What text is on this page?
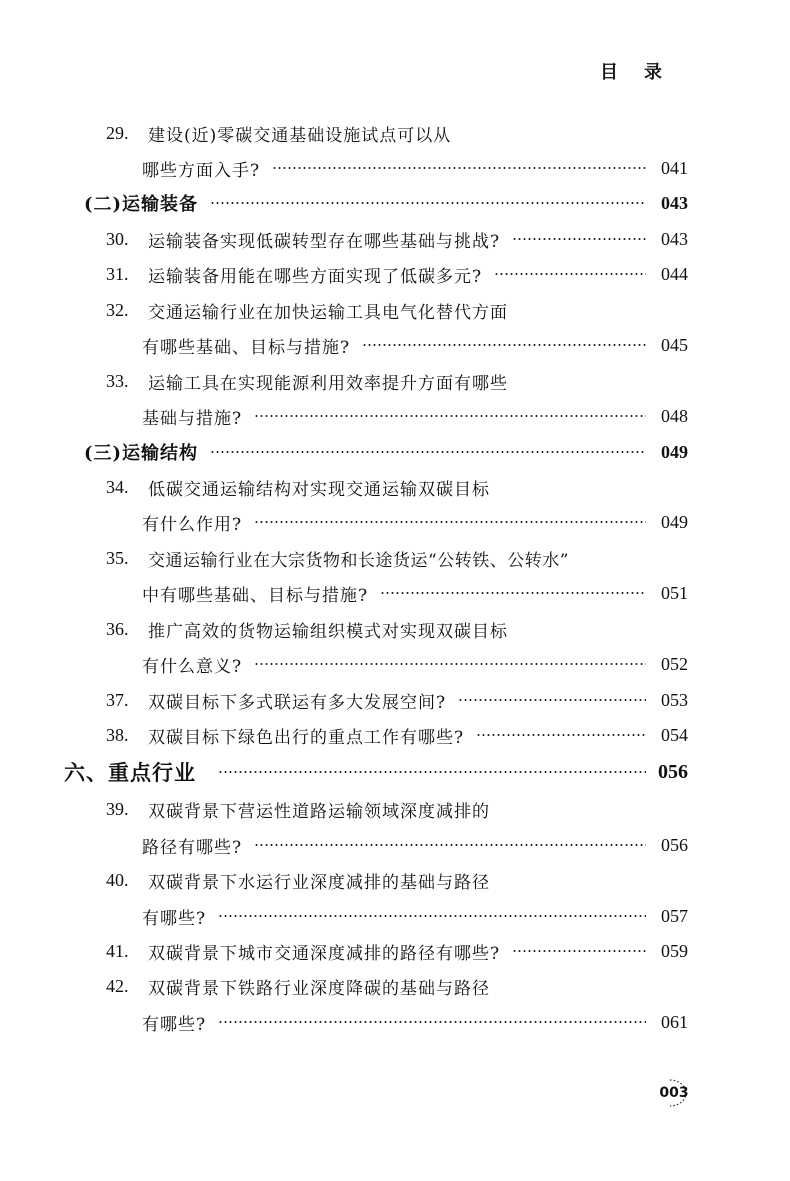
目录
29.	建设(近)零碳交通基础设施试点可以从
哪些方面入手?	041
(二)运输装备	043
30.	运输装备实现低碳转型存在哪些基础与挑战?	043
31.	运输装备用能在哪些方面实现了低碳多元?	044
32.	交通运输行业在加快运输工具电气化替代方面
有哪些基础、目标与措施?	045
33.	运输工具在实现能源利用效率提升方面有哪些
基础与措施?	048
(三)运输结构	049
34.	低碳交通运输结构对实现交通运输双碳目标
有什么作用?	049
35.	交通运输行业在大宗货物和长途货运“公转铁、公转水”
中有哪些基础、目标与措施?	051
36.	推广高效的货物运输组织模式对实现双碳目标
有什么意义?	052
37.	双碳目标下多式联运有多大发展空间?	053
38.	双碳目标下绿色出行的重点工作有哪些?	054
六、重点行业	056
39.	双碳背景下营运性道路运输领域深度减排的
路径有哪些?	056
40.	双碳背景下水运行业深度减排的基础与路径
有哪些?	057
41.	双碳背景下城市交通深度减排的路径有哪些?	059
42.	双碳背景下铁路行业深度降碳的基础与路径
有哪些?	061
003
